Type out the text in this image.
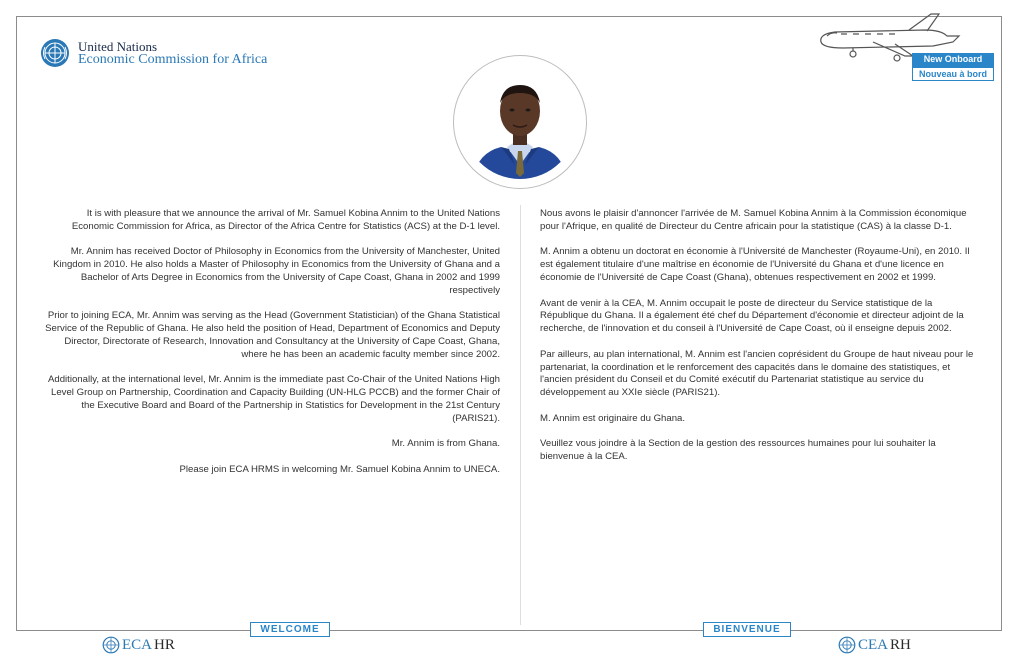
United Nations
Economic Commission for Africa	New Onboard
Nouveau à bord

It is with pleasure that we announce the arrival of Mr. Samuel Kobina Annim to the United Nations Economic Commission for Africa, as Director of the Africa Centre for Statistics (ACS) at the D-1 level.

Mr. Annim has received Doctor of Philosophy in Economics from the University of Manchester, United Kingdom in 2010. He also holds a Master of Philosophy in Economics from the University of Ghana and a Bachelor of Arts Degree in Economics from the University of Cape Coast, Ghana in 2002 and 1999 respectively

Prior to joining ECA, Mr. Annim was serving as the Head (Government Statistician) of the Ghana Statistical Service of the Republic of Ghana. He also held the position of Head, Department of Economics and Deputy Director, Directorate of Research, Innovation and Consultancy at the University of Cape Coast, Ghana, where he has been an academic faculty member since 2002.

Additionally, at the international level, Mr. Annim is the immediate past Co-Chair of the United Nations High Level Group on Partnership, Coordination and Capacity Building (UN-HLG PCCB) and the former Chair of the Executive Board and Board of the Partnership in Statistics for Development in the 21st Century (PARIS21).

Mr. Annim is from Ghana.

Please join ECA HRMS in welcoming Mr. Samuel Kobina Annim to UNECA.

Nous avons le plaisir d'annoncer l'arrivée de M. Samuel Kobina Annim à la Commission économique pour l'Afrique, en qualité de Directeur du Centre africain pour la statistique (CAS) à la classe D-1.

M. Annim a obtenu un doctorat en économie à l'Université de Manchester (Royaume-Uni), en 2010. Il est également titulaire d'une maîtrise en économie de l'Université du Ghana et d'une licence en économie de l'Université de Cape Coast (Ghana), obtenues respectivement en 2002 et 1999.

Avant de venir à la CEA, M. Annim occupait le poste de directeur du Service statistique de la République du Ghana. Il a également été chef du Département d'économie et directeur adjoint de la recherche, de l'innovation et du conseil à l'Université de Cape Coast, où il enseigne depuis 2002.

Par ailleurs, au plan international, M. Annim est l'ancien coprésident du Groupe de haut niveau pour le partenariat, la coordination et le renforcement des capacités dans le domaine des statistiques, et l'ancien président du Conseil et du Comité exécutif du Partenariat statistique au service du développement au XXIe siècle (PARIS21).

M. Annim est originaire du Ghana.

Veuillez vous joindre à la Section de la gestion des ressources humaines pour lui souhaiter la bienvenue à la CEA.

WELCOME	BIENVENUE
ECA HR	CEA RH
